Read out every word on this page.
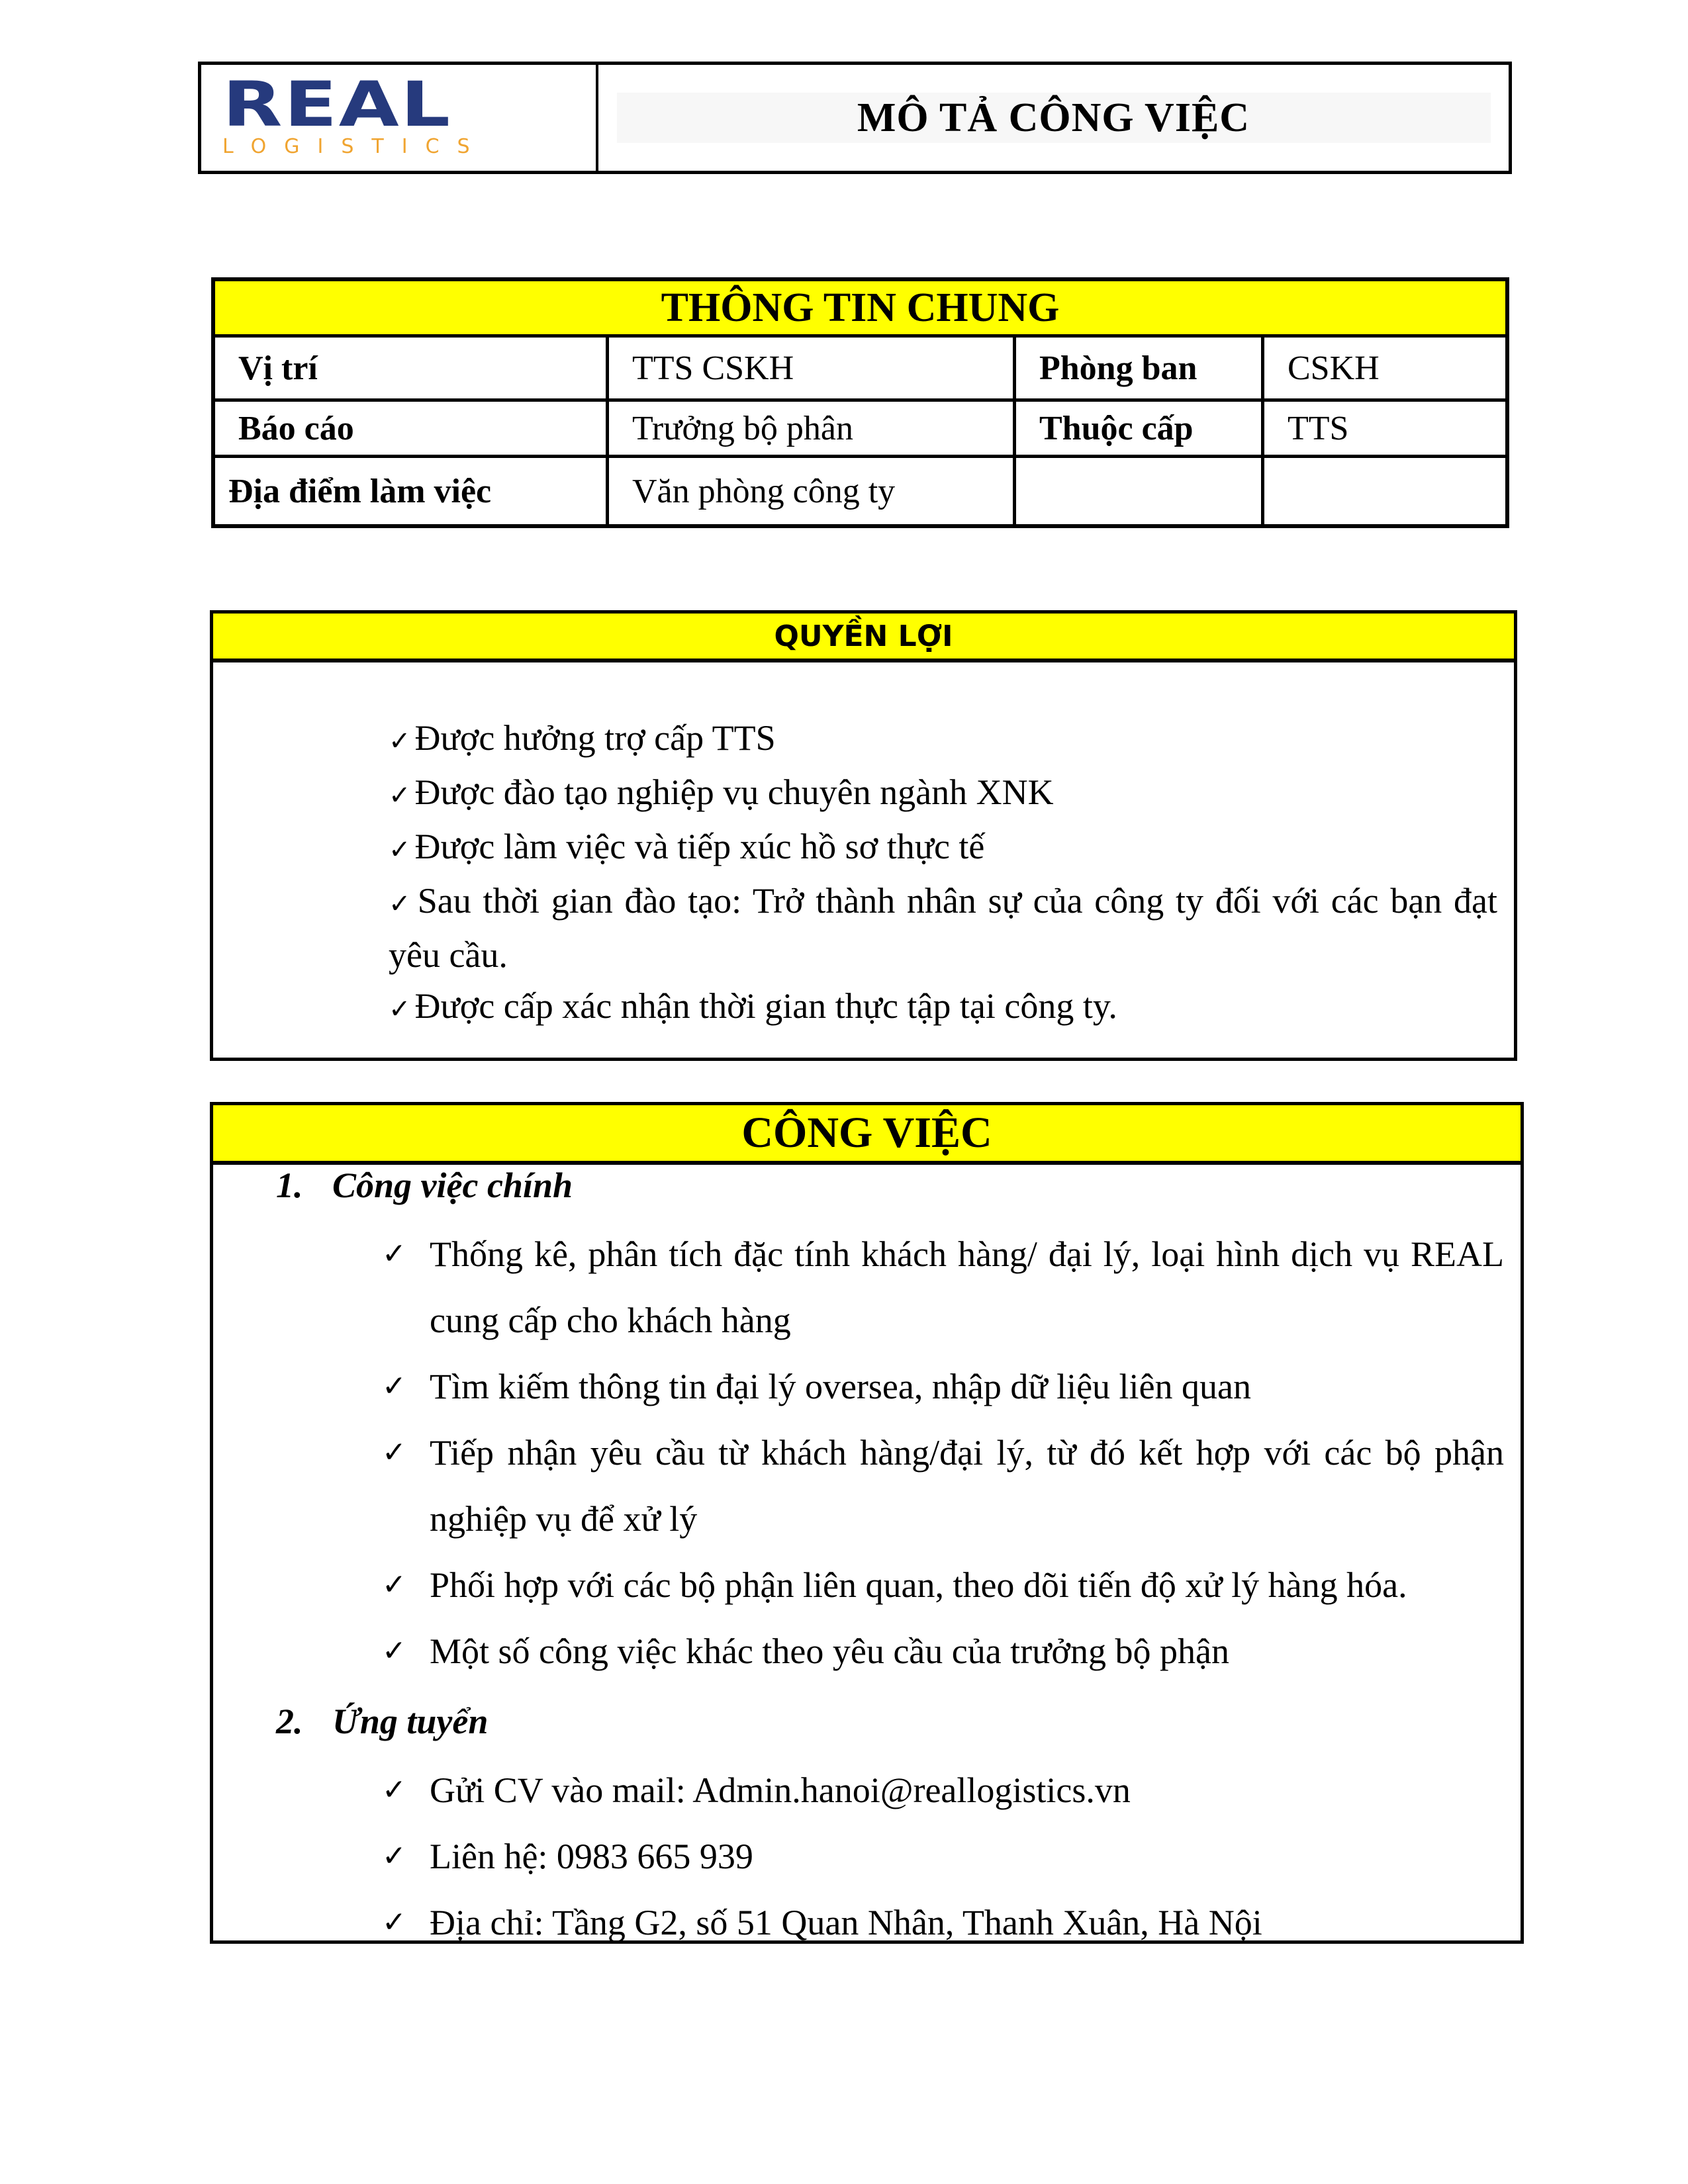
REAL
LOGISTICS
MÔ TẢ CÔNG VIỆC
THÔNG TIN CHUNG			
Vị trí	TTS CSKH	Phòng ban	CSKH
Báo cáo	Trưởng bộ phân	Thuộc cấp	TTS
Địa điểm làm việc	Văn phòng công ty		
QUYỀN LỢI
✓ Được hưởng trợ cấp TTS
✓ Được đào tạo nghiệp vụ chuyên ngành XNK
✓ Được làm việc và tiếp xúc hồ sơ thực tế
✓ Sau thời gian đào tạo: Trở thành nhân sự của công ty đối với các bạn đạt yêu cầu.
✓ Được cấp xác nhận thời gian thực tập tại công ty.
CÔNG VIỆC
1. Công việc chính
✓ Thống kê, phân tích đặc tính khách hàng/ đại lý, loại hình dịch vụ REAL cung cấp cho khách hàng
✓ Tìm kiếm thông tin đại lý oversea, nhập dữ liệu liên quan
✓ Tiếp nhận yêu cầu từ khách hàng/đại lý, từ đó kết hợp với các bộ phận nghiệp vụ để xử lý
✓ Phối hợp với các bộ phận liên quan, theo dõi tiến độ xử lý hàng hóa.
✓ Một số công việc khác theo yêu cầu của trưởng bộ phận
2. Ứng tuyển
✓ Gửi CV vào mail: Admin.hanoi@reallogistics.vn
✓ Liên hệ: 0983 665 939
✓ Địa chỉ: Tầng G2, số 51 Quan Nhân, Thanh Xuân, Hà Nội
